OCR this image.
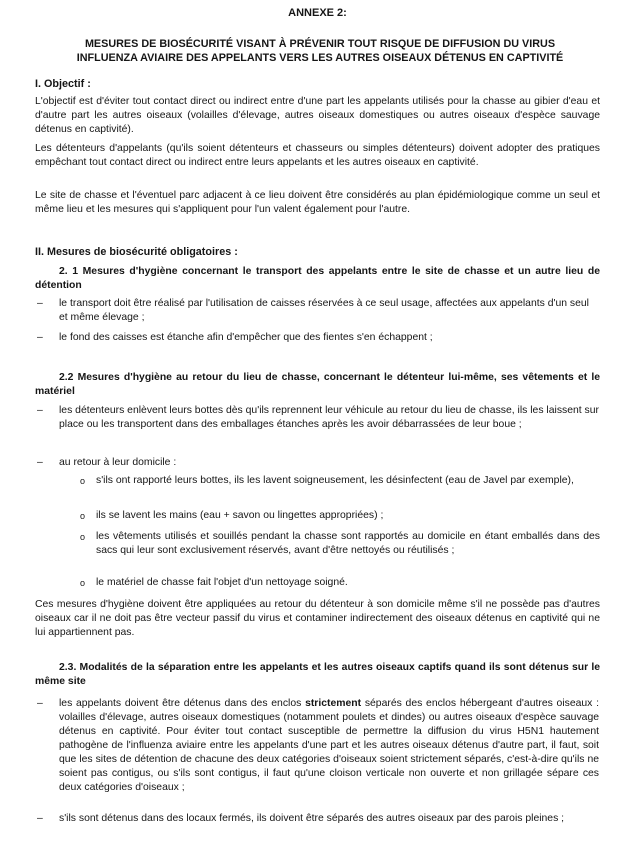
ANNEXE 2:
MESURES DE BIOSÉCURITÉ VISANT À PRÉVENIR TOUT RISQUE DE DIFFUSION DU VIRUS
INFLUENZA AVIAIRE DES APPELANTS VERS LES AUTRES OISEAUX DÉTENUS EN CAPTIVITÉ
I. Objectif :
L'objectif est d'éviter tout contact direct ou indirect entre d'une part les appelants utilisés pour la chasse au gibier d'eau et d'autre part les autres oiseaux (volailles d'élevage, autres oiseaux domestiques ou autres oiseaux d'espèce sauvage détenus en captivité).
Les détenteurs d'appelants (qu'ils soient détenteurs et chasseurs ou simples détenteurs) doivent adopter des pratiques empêchant tout contact direct ou indirect entre leurs appelants et les autres oiseaux en captivité.
Le site de chasse et l'éventuel parc adjacent à ce lieu doivent être considérés au plan épidémiologique comme un seul et même lieu et les mesures qui s'appliquent pour l'un valent également pour l'autre.
II. Mesures de biosécurité obligatoires :
2. 1 Mesures d'hygiène concernant le transport des appelants entre le site de chasse et un autre lieu de détention
– le transport doit être réalisé par l'utilisation de caisses réservées à ce seul usage, affectées aux appelants d'un seul et même élevage ;
– le fond des caisses est étanche afin d'empêcher que des fientes s'en échappent ;
2.2 Mesures d'hygiène au retour du lieu de chasse, concernant le détenteur lui-même, ses vêtements et le matériel
– les détenteurs enlèvent leurs bottes dès qu'ils reprennent leur véhicule au retour du lieu de chasse, ils les laissent sur place ou les transportent dans des emballages étanches après les avoir débarrassées de leur boue ;
– au retour à leur domicile :
o s'ils ont rapporté leurs bottes, ils les lavent soigneusement, les désinfectent (eau de Javel par exemple),
o ils se lavent les mains (eau + savon ou lingettes appropriées) ;
o les vêtements utilisés et souillés pendant la chasse sont rapportés au domicile en étant emballés dans des sacs qui leur sont exclusivement réservés, avant d'être nettoyés ou réutilisés ;
o le matériel de chasse fait l'objet d'un nettoyage soigné.
Ces mesures d'hygiène doivent être appliquées au retour du détenteur à son domicile même s'il ne possède pas d'autres oiseaux car il ne doit pas être vecteur passif du virus et contaminer indirectement des oiseaux détenus en captivité qui ne lui appartiennent pas.
2.3. Modalités de la séparation entre les appelants et les autres oiseaux captifs quand ils sont détenus sur le même site
– les appelants doivent être détenus dans des enclos strictement séparés des enclos hébergeant d'autres oiseaux : volailles d'élevage, autres oiseaux domestiques (notamment poulets et dindes) ou autres oiseaux d'espèce sauvage détenus en captivité. Pour éviter tout contact susceptible de permettre la diffusion du virus H5N1 hautement pathogène de l'influenza aviaire entre les appelants d'une part et les autres oiseaux détenus d'autre part, il faut, soit que les sites de détention de chacune des deux catégories d'oiseaux soient strictement séparés, c'est-à-dire qu'ils ne soient pas contigus, ou s'ils sont contigus, il faut qu'une cloison verticale non ouverte et non grillagée sépare ces deux catégories d'oiseaux ;
– s'ils sont détenus dans des locaux fermés, ils doivent être séparés des autres oiseaux par des parois pleines ;
